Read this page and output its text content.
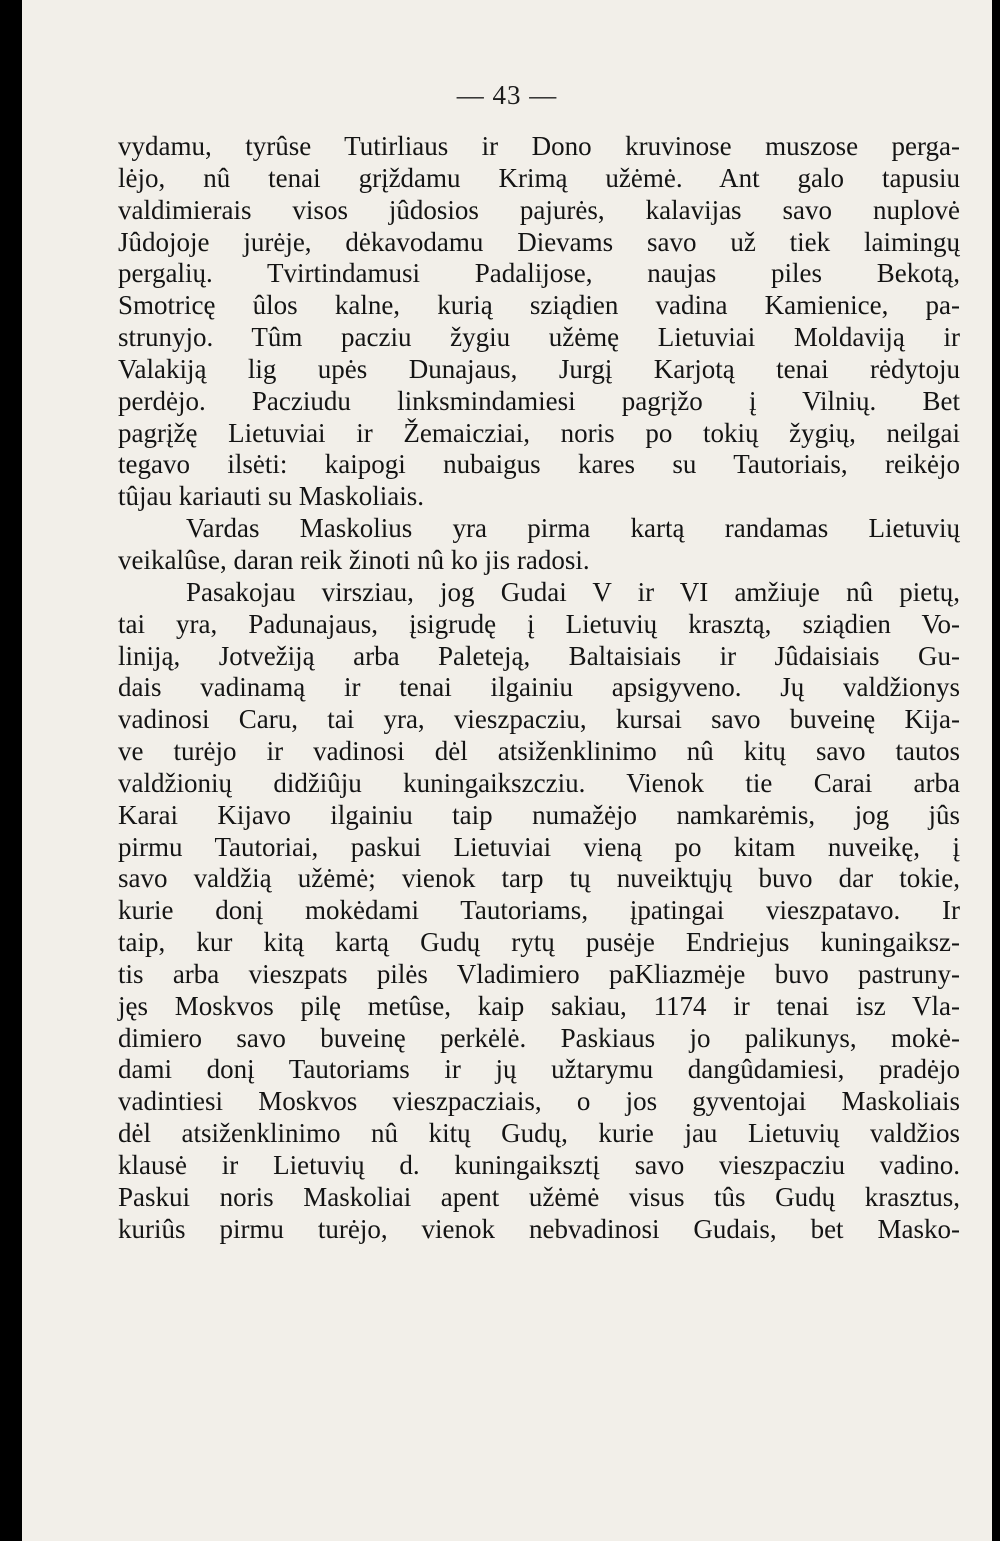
— 43 —
vydamu, tyrûse Tutirliaus ir Dono kruvinose muszose perga-
lėjo, nû tenai grįždamu Krimą užėmė. Ant galo tapusiu
valdimierais visos jûdosios pajurės, kalavijas savo nuplovė
Jûdojoje jurėje, dėkavodamu Dievams savo už tiek laimingų
pergalių. Tvirtindamusi Padalijose, naujas piles Bekotą,
Smotricę ûlos kalne, kurią sziądien vadina Kamienice, pa-
strunyjo. Tûm pacziu žygiu užėmę Lietuviai Moldaviją ir
Valakiją lig upės Dunajaus, Jurgį Karjotą tenai rėdytoju
perdėjo. Pacziudu linksmindamiesi pagrįžo į Vilnių. Bet
pagrįžę Lietuviai ir Žemaicziai, noris po tokių žygių, neilgai
tegavo ilsėti: kaipogi nubaigus kares su Tautoriais, reikėjo
tûjau kariauti su Maskoliais.
Vardas Maskolius yra pirma kartą randamas Lietuvių
veikalûse, daran reik žinoti nû ko jis radosi.
Pasakojau virsziau, jog Gudai V ir VI amžiuje nû pietų,
tai yra, Padunajaus, įsigrudę į Lietuvių krasztą, sziądien Vo-
liniją, Jotvežiją arba Paleteją, Baltaisiais ir Jûdaisiais Gu-
dais vadinamą ir tenai ilgainiu apsigyveno. Jų valdžionys
vadinosi Caru, tai yra, vieszpacziu, kursai savo buveinę Kija-
ve turėjo ir vadinosi dėl atsiženklinimo nû kitų savo tautos
valdžionių didžiûju kuningaikszcziu. Vienok tie Carai arba
Karai Kijavo ilgainiu taip numažėjo namkarėmis, jog jûs
pirmu Tautoriai, paskui Lietuviai vieną po kitam nuveikę, į
savo valdžią užėmė; vienok tarp tų nuveiktųjų buvo dar tokie,
kurie donį mokėdami Tautoriams, įpatingai vieszpatavo. Ir
taip, kur kitą kartą Gudų rytų pusėje Endriejus kuningaiksz-
tis arba vieszpats pilės Vladimiero paKliazmėje buvo pastruny-
jęs Moskvos pilę metûse, kaip sakiau, 1174 ir tenai isz Vla-
dimiero savo buveinę perkėlė. Paskiaus jo palikunys, mokė-
dami donį Tautoriams ir jų užtarymu dangûdamiesi, pradėjo
vadintiesi Moskvos vieszpacziais, o jos gyventojai Maskoliais
dėl atsiženklinimo nû kitų Gudų, kurie jau Lietuvių valdžios
klausė ir Lietuvių d. kuningaiksztį savo vieszpacziu vadino.
Paskui noris Maskoliai apent užėmė visus tûs Gudų krasztus,
kuriûs pirmu turėjo, vienok nebvadinosi Gudais, bet Masko-
